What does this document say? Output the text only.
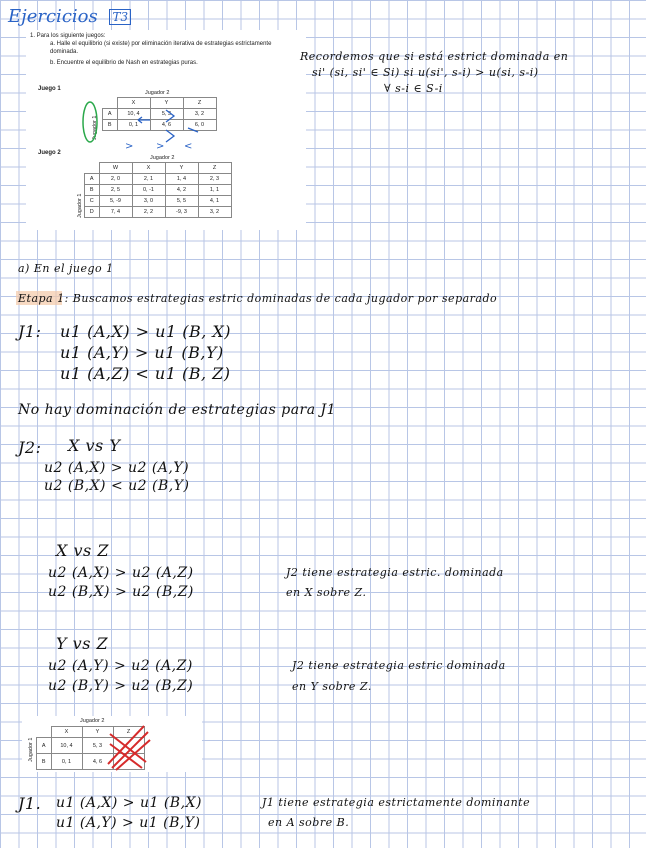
Ejercicios T3

1. Para los siguiente juegos:

a. Halle el equilibrio (si existe) por eliminación iterativa de estrategias estrictamente dominada.

b. Encuentre el equilibrio de Nash en estrategias puras.

Juego 1
Jugador 2
Jugador 1
	X	Y	Z
A	10, 4	5, 3	3, 2
B	0, 1	4, 6	6, 0
> > <
Juego 2
Jugador 2
Jugador 1
	W	X	Y	Z
A	2, 0	2, 1	1, 4	2, 3
B	2, 5	0, -1	4, 2	1, 1
C	5, -9	3, 0	5, 5	4, 1
D	7, 4	2, 2	-9, 3	3, 2
Recordemos que si está estrict dominada en
si' (si, si' ∈ Si) si u(si', s-i) > u(si, s-i)
∀ s-i ∈ S-i
a) En el juego 1
Etapa 1: Buscamos estrategias estric dominadas de cada jugador por separado
J1: u1 (A,X) > u1 (B, X)
u1 (A,Y) > u1 (B,Y)
u1 (A,Z) < u1 (B, Z)
No hay dominación de estrategias para J1
J2: X vs Y
u2 (A,X) > u2 (A,Y)
u2 (B,X) < u2 (B,Y)
X vs Z
u2 (A,X) > u2 (A,Z)
u2 (B,X) > u2 (B,Z)
J2 tiene estrategia estric. dominada
en X sobre Z.
Y vs Z
u2 (A,Y) > u2 (A,Z)
u2 (B,Y) > u2 (B,Z)
J2 tiene estrategia estric dominada
en Y sobre Z.
Jugador 2
Jugador 1
	X	Y	Z
A	10, 4	5, 3	
B	0, 1	4, 6	
J1. u1 (A,X) > u1 (B,X)
u1 (A,Y) > u1 (B,Y)
J1 tiene estrategia estrictamente dominante
en A sobre B.
